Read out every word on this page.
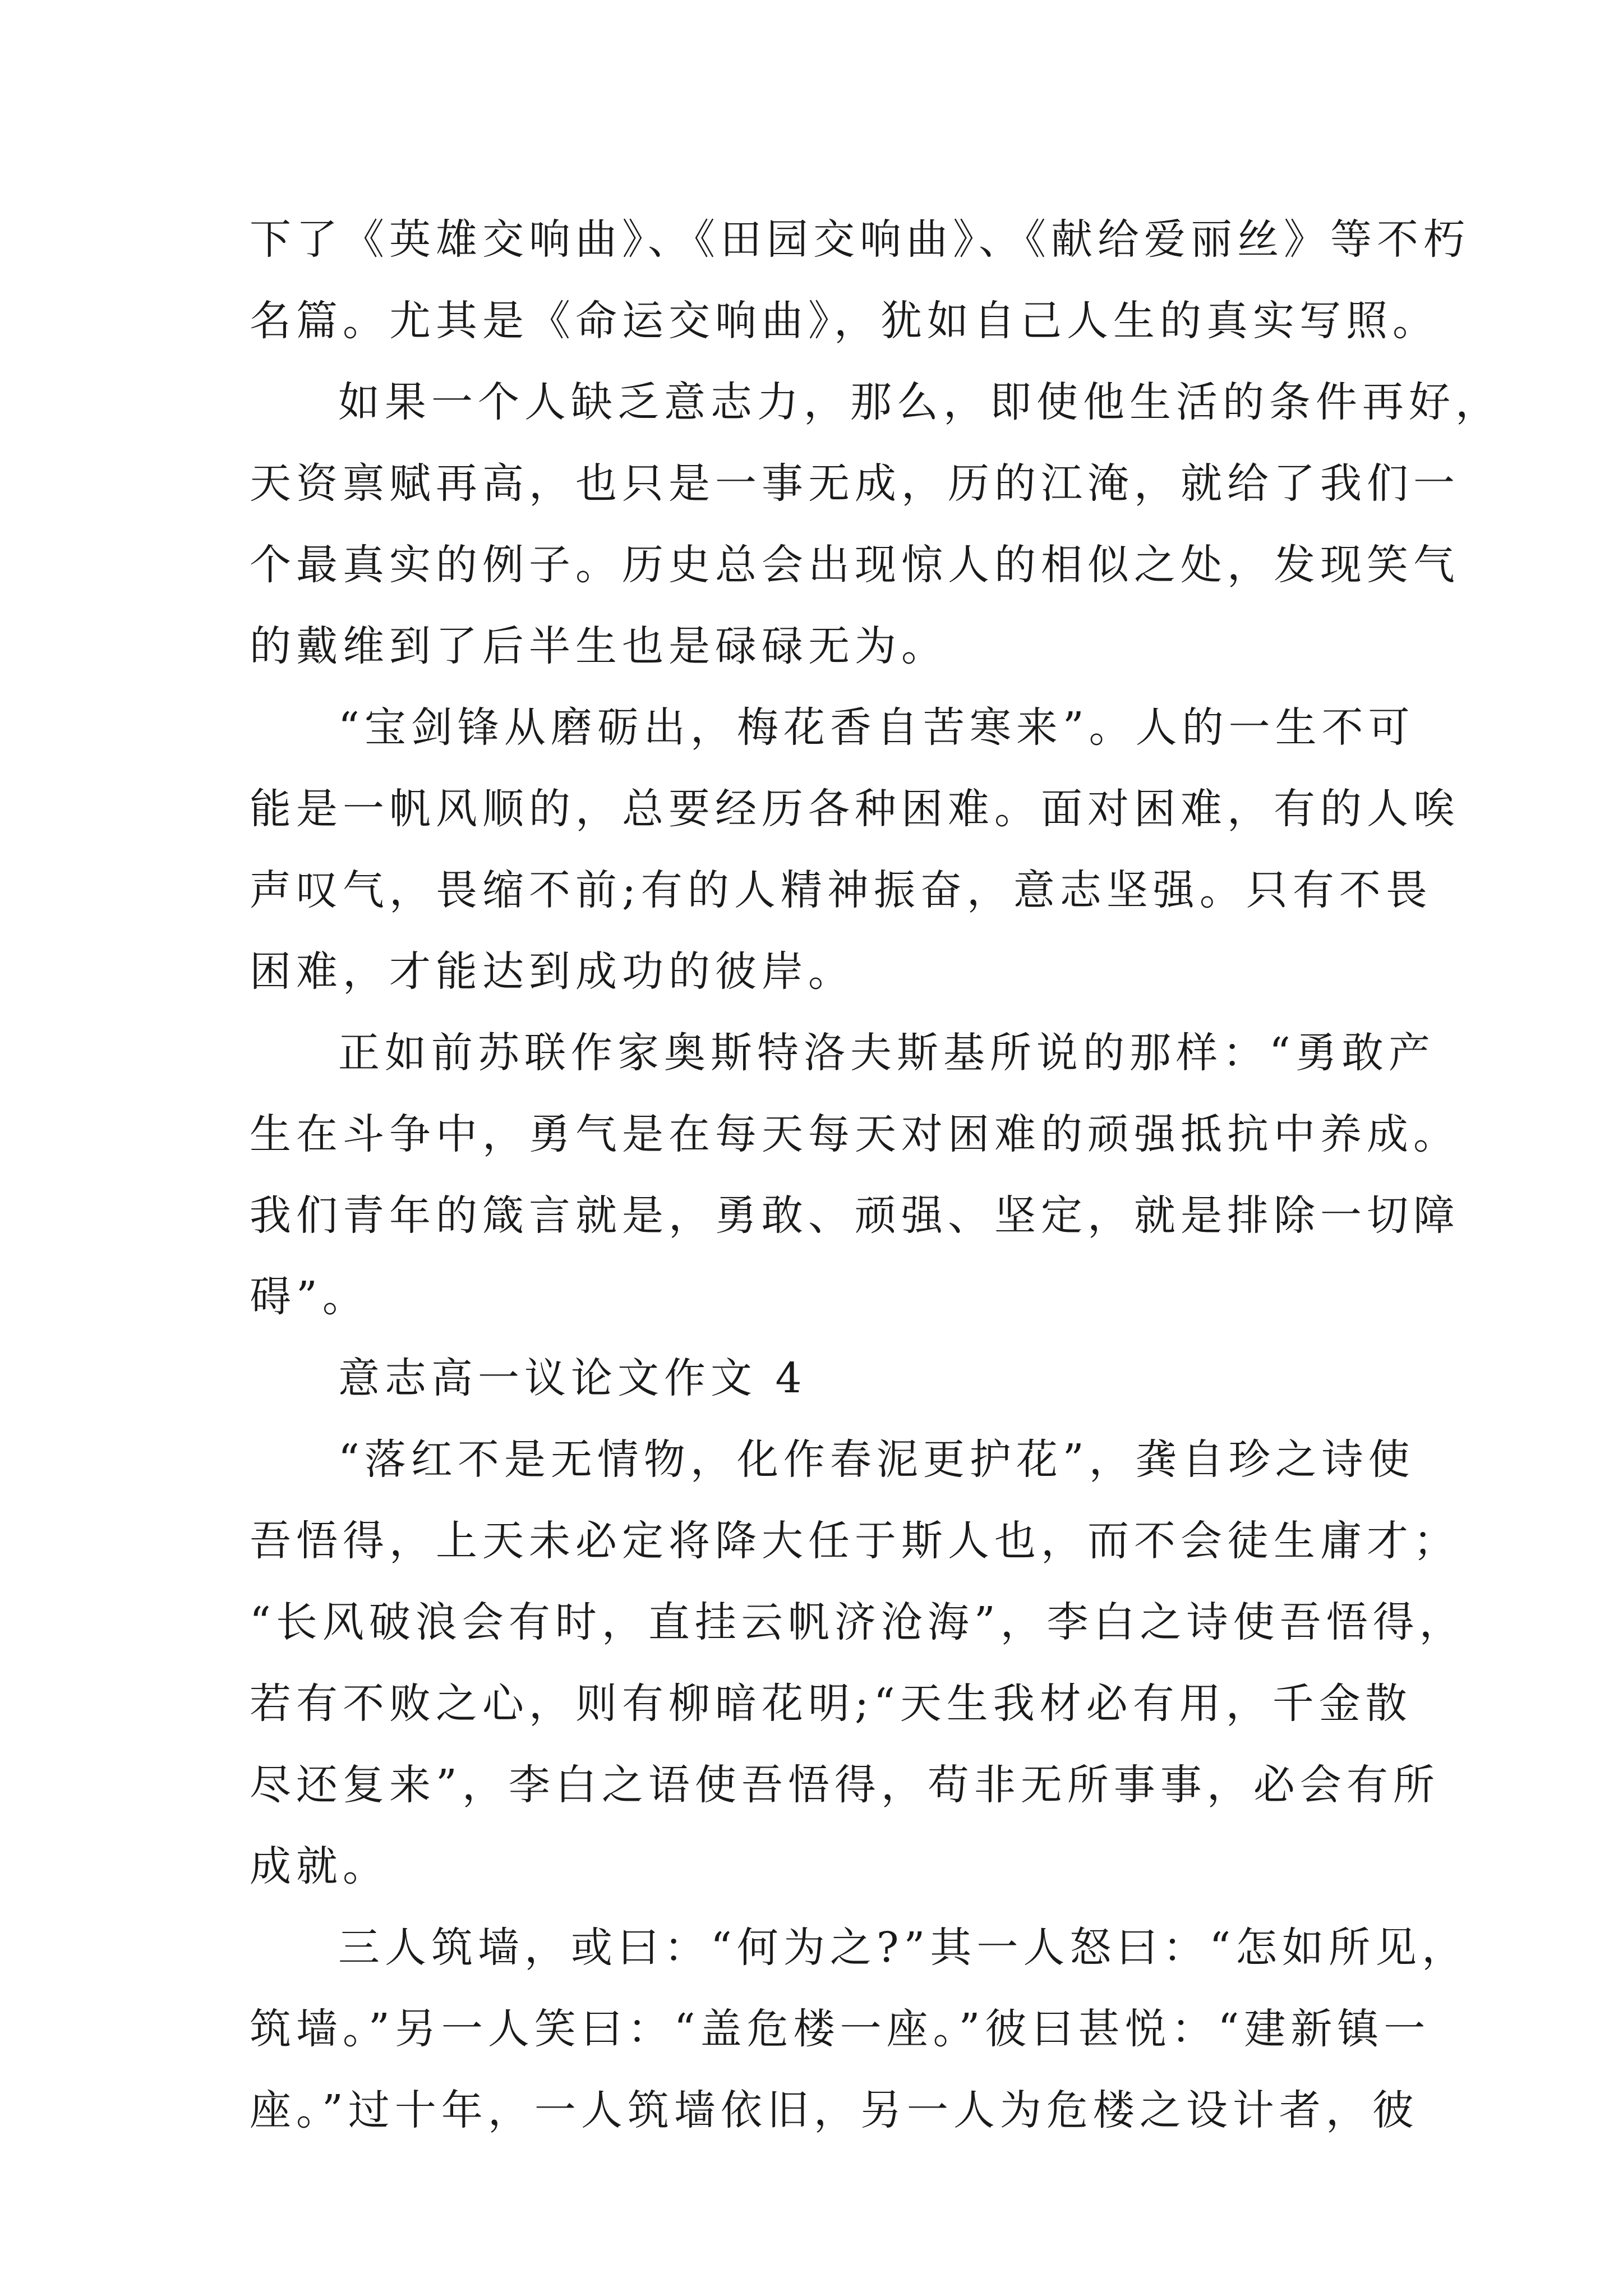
下了《英雄交响曲》、《田园交响曲》、《献给爱丽丝》等不朽
名篇。尤其是《命运交响曲》，犹如自己人生的真实写照。
如果一个人缺乏意志力，那么，即使他生活的条件再好，
天资禀赋再高，也只是一事无成，历的江淹，就给了我们一
个最真实的例子。历史总会出现惊人的相似之处，发现笑气
的戴维到了后半生也是碌碌无为。
“宝剑锋从磨砺出，梅花香自苦寒来”。人的一生不可
能是一帆风顺的，总要经历各种困难。面对困难，有的人唉
声叹气，畏缩不前;有的人精神振奋，意志坚强。只有不畏
困难，才能达到成功的彼岸。
正如前苏联作家奥斯特洛夫斯基所说的那样：“勇敢产
生在斗争中，勇气是在每天每天对困难的顽强抵抗中养成。
我们青年的箴言就是，勇敢、顽强、坚定，就是排除一切障
碍”。
意志高一议论文作文 4
“落红不是无情物，化作春泥更护花”，龚自珍之诗使
吾悟得，上天未必定将降大任于斯人也，而不会徒生庸才；
“长风破浪会有时，直挂云帆济沧海”，李白之诗使吾悟得，
若有不败之心，则有柳暗花明;“天生我材必有用，千金散
尽还复来”，李白之语使吾悟得，苟非无所事事，必会有所
成就。
三人筑墙，或曰：“何为之?”其一人怒曰：“怎如所见，
筑墙。”另一人笑曰：“盖危楼一座。”彼曰甚悦：“建新镇一
座。”过十年，一人筑墙依旧，另一人为危楼之设计者，彼
